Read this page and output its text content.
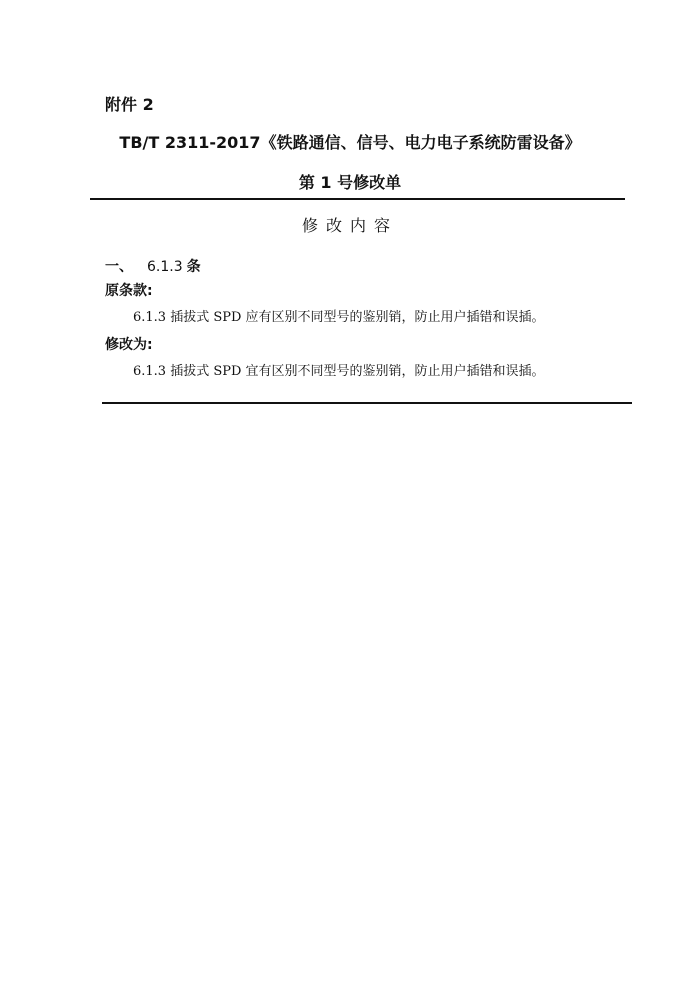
附件 2
TB/T 2311-2017《铁路通信、信号、电力电子系统防雷设备》
第 1 号修改单
修改内容
一、 6.1.3 条
原条款:
6.1.3 插拔式 SPD 应有区别不同型号的鉴别销，防止用户插错和误插。
修改为:
6.1.3 插拔式 SPD 宜有区别不同型号的鉴别销，防止用户插错和误插。
